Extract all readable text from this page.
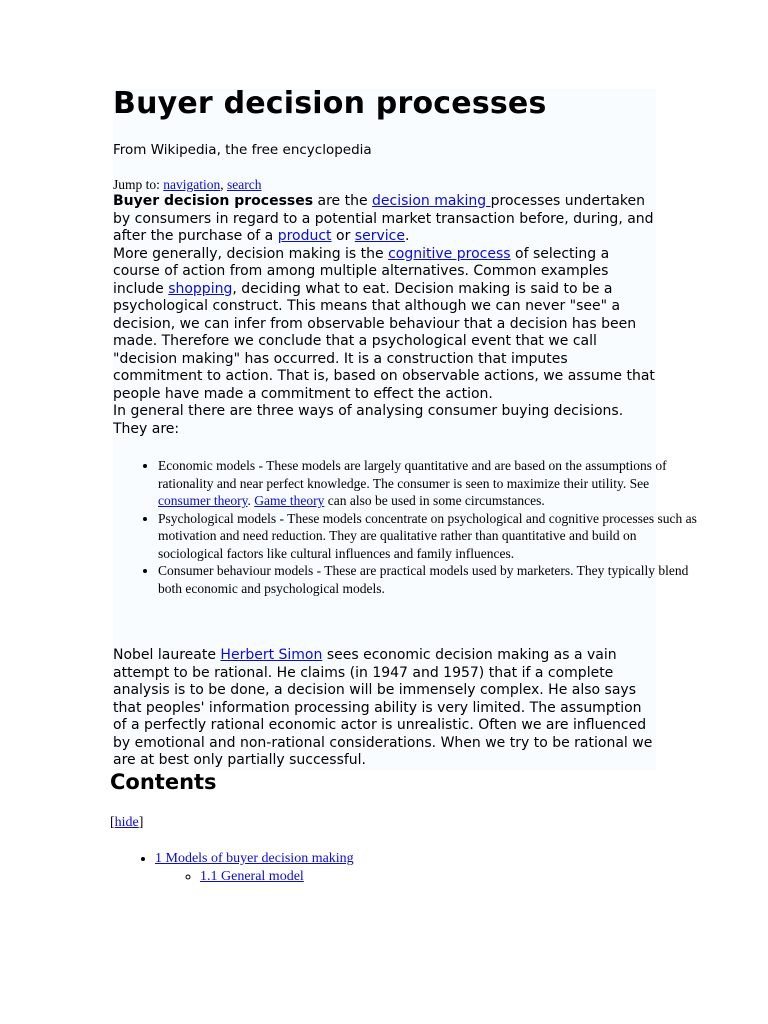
Buyer decision processes
From Wikipedia, the free encyclopedia
Jump to: navigation, search

Buyer decision processes are the decision making processes undertaken by consumers in regard to a potential market transaction before, during, and after the purchase of a product or service.

More generally, decision making is the cognitive process of selecting a course of action from among multiple alternatives. Common examples include shopping, deciding what to eat. Decision making is said to be a psychological construct. This means that although we can never "see" a decision, we can infer from observable behaviour that a decision has been made. Therefore we conclude that a psychological event that we call "decision making" has occurred. It is a construction that imputes commitment to action. That is, based on observable actions, we assume that people have made a commitment to effect the action.

In general there are three ways of analysing consumer buying decisions. They are:

• Economic models - These models are largely quantitative and are based on the assumptions of rationality and near perfect knowledge. The consumer is seen to maximize their utility. See consumer theory. Game theory can also be used in some circumstances.
• Psychological models - These models concentrate on psychological and cognitive processes such as motivation and need reduction. They are qualitative rather than quantitative and build on sociological factors like cultural influences and family influences.
• Consumer behaviour models - These are practical models used by marketers. They typically blend both economic and psychological models.

Nobel laureate Herbert Simon sees economic decision making as a vain attempt to be rational. He claims (in 1947 and 1957) that if a complete analysis is to be done, a decision will be immensely complex. He also says that peoples' information processing ability is very limited. The assumption of a perfectly rational economic actor is unrealistic. Often we are influenced by emotional and non-rational considerations. When we try to be rational we are at best only partially successful.

Contents
[hide]
• 1 Models of buyer decision making
◦ 1.1 General model
